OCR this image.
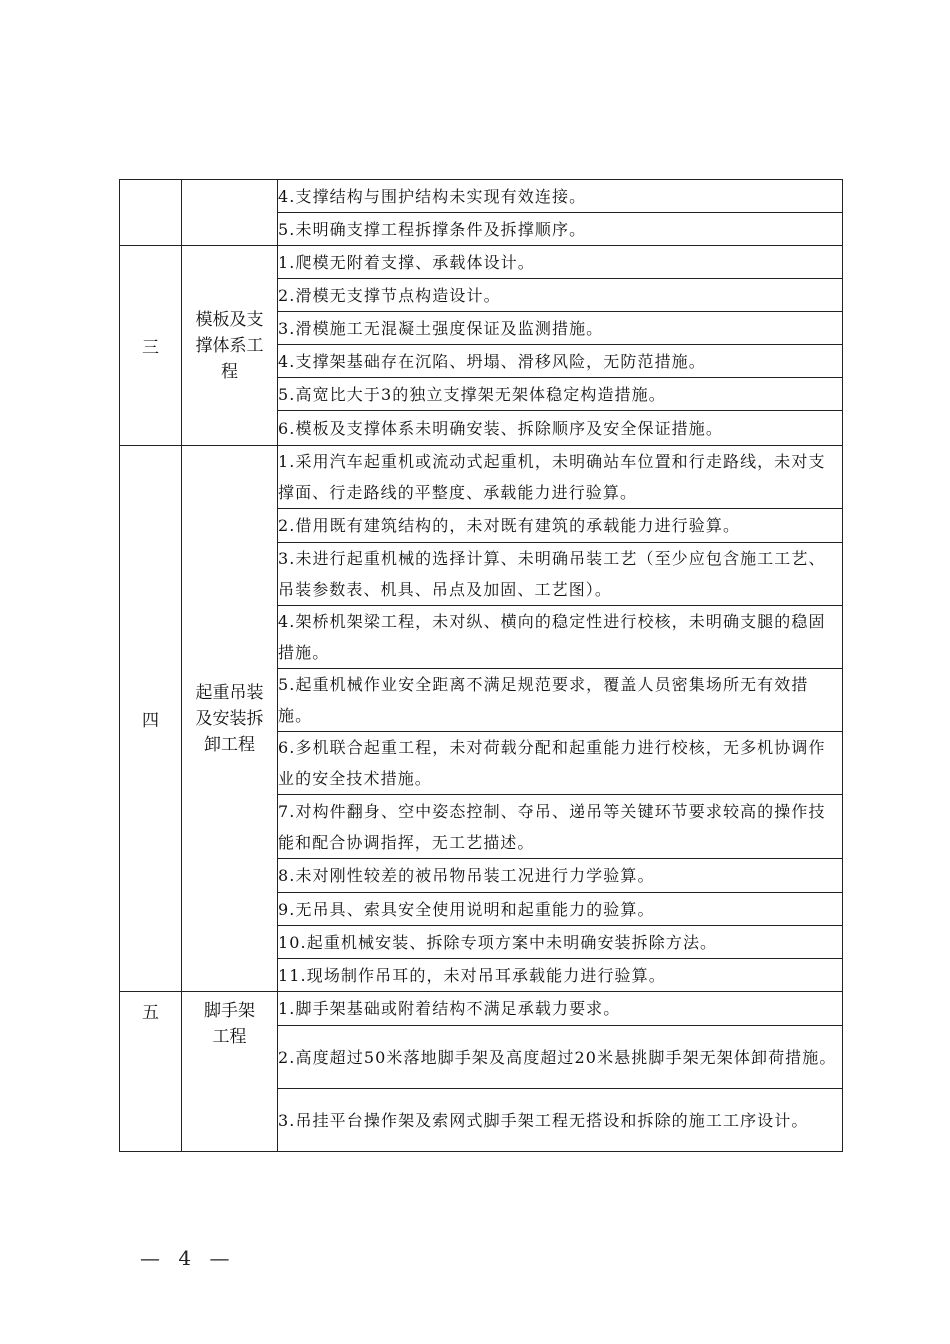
		4.支撑结构与围护结构未实现有效连接。
		5.未明确支撑工程拆撑条件及拆撑顺序。
三	模板及支撑体系工程	1.爬模无附着支撑、承载体设计。
		2.滑模无支撑节点构造设计。
		3.滑模施工无混凝土强度保证及监测措施。
		4.支撑架基础存在沉陷、坍塌、滑移风险，无防范措施。
		5.高宽比大于3的独立支撑架无架体稳定构造措施。
		6.模板及支撑体系未明确安装、拆除顺序及安全保证措施。
四	起重吊装及安装拆卸工程	1.采用汽车起重机或流动式起重机，未明确站车位置和行走路线，未对支撑面、行走路线的平整度、承载能力进行验算。
		2.借用既有建筑结构的，未对既有建筑的承载能力进行验算。
		3.未进行起重机械的选择计算、未明确吊装工艺（至少应包含施工工艺、吊装参数表、机具、吊点及加固、工艺图）。
		4.架桥机架梁工程，未对纵、横向的稳定性进行校核，未明确支腿的稳固措施。
		5.起重机械作业安全距离不满足规范要求，覆盖人员密集场所无有效措施。
		6.多机联合起重工程，未对荷载分配和起重能力进行校核，无多机协调作业的安全技术措施。
		7.对构件翻身、空中姿态控制、夺吊、递吊等关键环节要求较高的操作技能和配合协调指挥，无工艺描述。
		8.未对刚性较差的被吊物吊装工况进行力学验算。
		9.无吊具、索具安全使用说明和起重能力的验算。
		10.起重机械安装、拆除专项方案中未明确安装拆除方法。
		11.现场制作吊耳的，未对吊耳承载能力进行验算。
五	脚手架工程	1.脚手架基础或附着结构不满足承载力要求。
		2.高度超过50米落地脚手架及高度超过20米悬挑脚手架无架体卸荷措施。
		3.吊挂平台操作架及索网式脚手架工程无搭设和拆除的施工工序设计。
— 4 —
